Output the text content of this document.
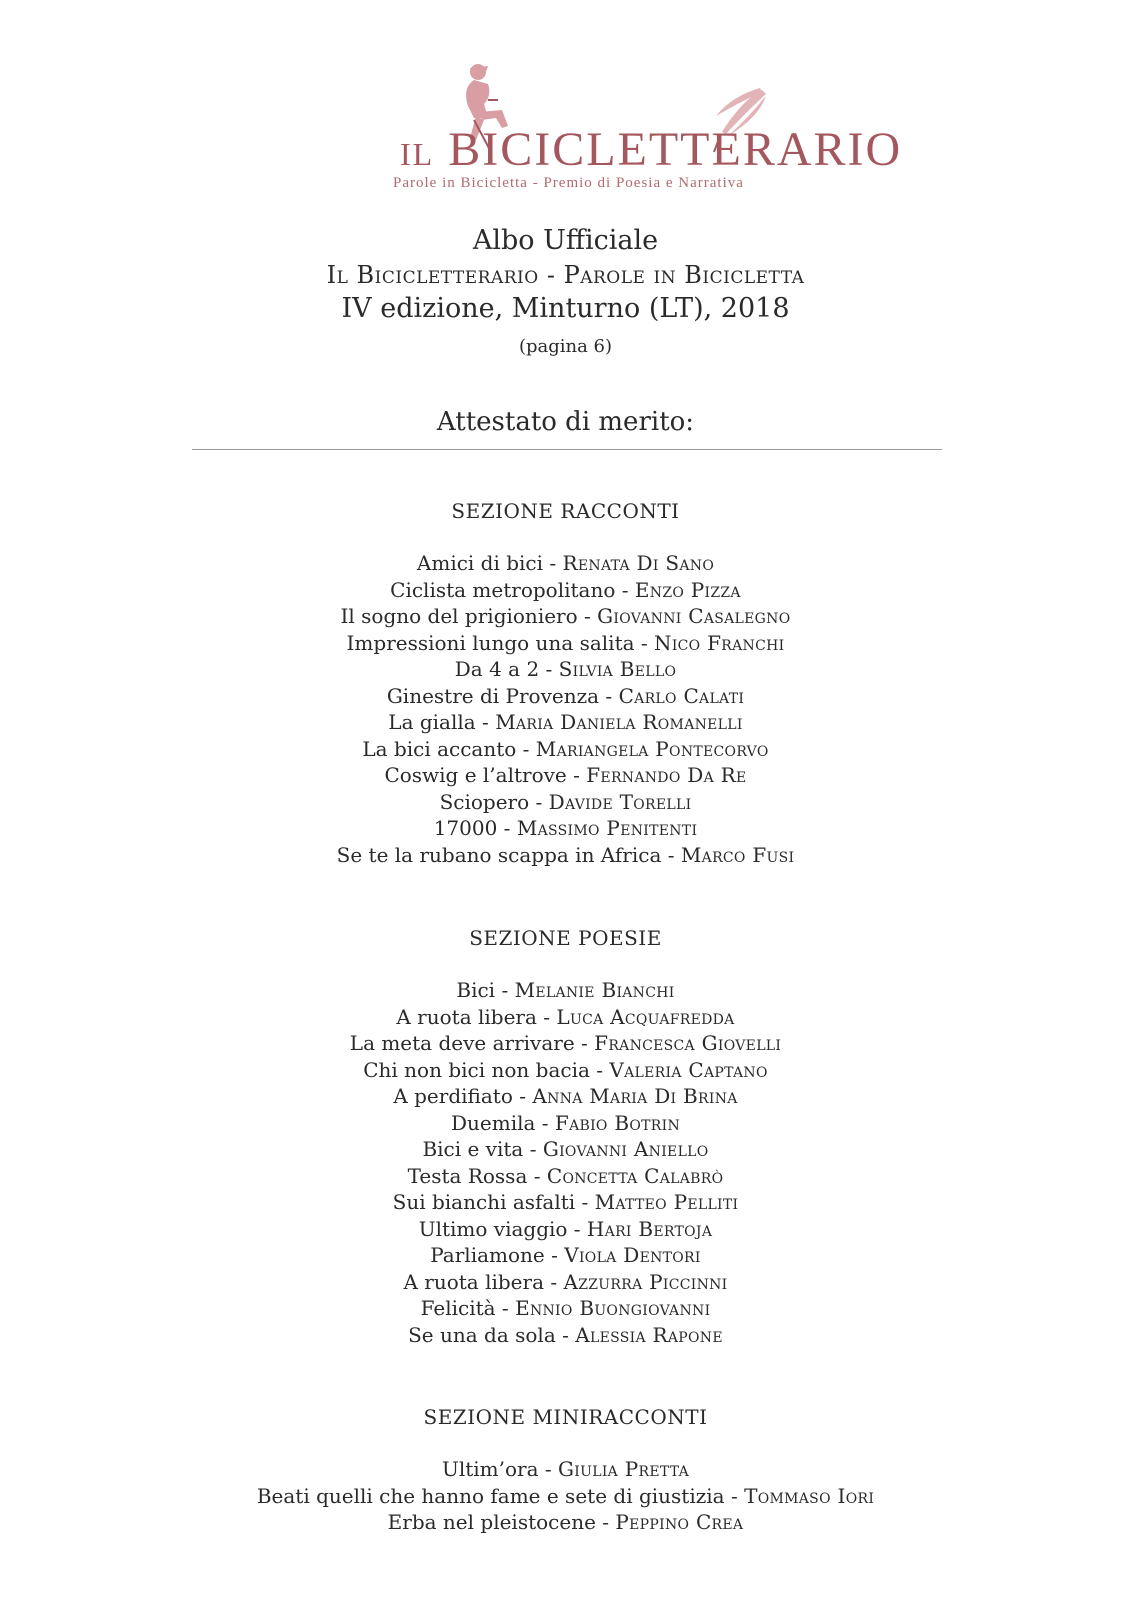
IL BICICLETTERARIO
Parole in Bicicletta - Premio di Poesia e Narrativa
Albo Ufficiale
Il Bicicletterario - Parole in Bicicletta
IV edizione, Minturno (LT), 2018
(pagina 6)
Attestato di merito:
SEZIONE RACCONTI
Amici di bici - Renata Di Sano
Ciclista metropolitano - Enzo Pizza
Il sogno del prigioniero - Giovanni Casalegno
Impressioni lungo una salita - Nico Franchi
Da 4 a 2 - Silvia Bello
Ginestre di Provenza - Carlo Calati
La gialla - Maria Daniela Romanelli
La bici accanto - Mariangela Pontecorvo
Coswig e l’altrove - Fernando Da Re
Sciopero - Davide Torelli
17000 - Massimo Penitenti
Se te la rubano scappa in Africa - Marco Fusi
SEZIONE POESIE
Bici - Melanie Bianchi
A ruota libera - Luca Acquafredda
La meta deve arrivare - Francesca Giovelli
Chi non bici non bacia - Valeria Captano
A perdifiato - Anna Maria Di Brina
Duemila - Fabio Botrin
Bici e vita - Giovanni Aniello
Testa Rossa - Concetta Calabrò
Sui bianchi asfalti - Matteo Pelliti
Ultimo viaggio - Hari Bertoja
Parliamone - Viola Dentori
A ruota libera - Azzurra Piccinni
Felicità - Ennio Buongiovanni
Se una da sola - Alessia Rapone
SEZIONE MINIRACCONTI
Ultim’ora - Giulia Pretta
Beati quelli che hanno fame e sete di giustizia - Tommaso Iori
Erba nel pleistocene - Peppino Crea
